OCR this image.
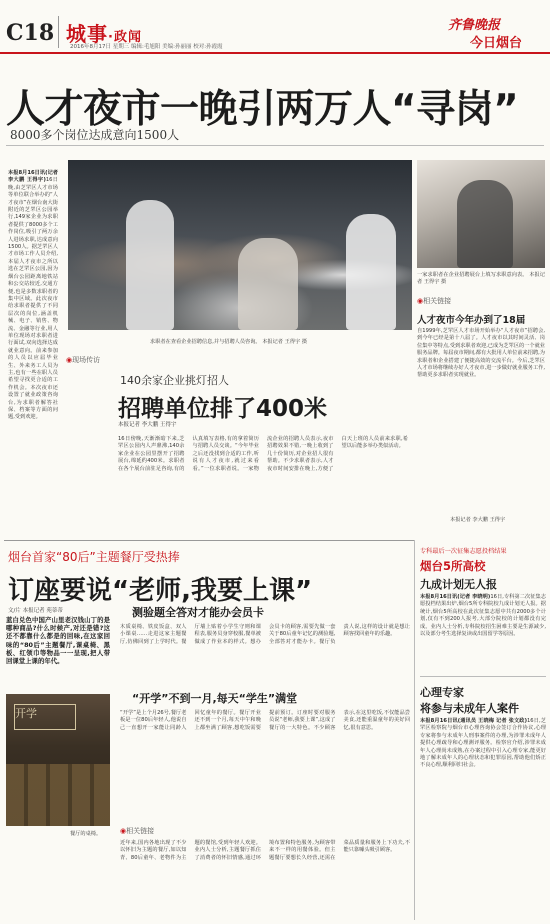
C18 城事·政闻
2016年8月17日 星期三 编辑:毛旭阳 美编:孙丽丽 校对:孙霞霞
齐鲁晚报
今日烟台
人才夜市一晚引两万人“寻岗”
8000多个岗位达成意向1500人
本报8月16日讯(记者 李大鹏 王得宇)16日晚,由芝罘区人才市场等单位联合举办的“人才夜市”在烟台南大街附近的芝罘区公园举行,149家企业为求职者提供了8000多个工作岗位,吸引了两万余人进场求职,达成意向1500人。据芝罘区人才市场工作人员介绍,本届人才夜市之所以选在芝罘区公园,因为烟台公园距离地铁站和公交站较近,交通方便,也是多数求职者的集中区域。此次夜市给求职者提供了不同层次的岗位,涵盖机械、电子、销售、物流、金融等行业,用人单位现场对求职者进行面试,双向选择达成就业意向。前来参加的人员以应届毕业生、外来务工人员为主,也有一些在职人员希望寻找更合适的工作机会。本次夜市还设置了就业政策咨询台,为求职者解答社保、档案等方面的问题,受到欢迎。
求职者在查看企业招聘信息,并与招聘人员咨询。 本报记者 王得宇 摄
一家求职者在企业招聘展台上填写求职意向表。 本报记者 王得宇 摄
◉相关链接
人才夜市今年办到了18届
自1999年,芝罘区人才市场开始举办“人才夜市”招聘会,到今年已经是第十八届了。人才夜市以其时间灵活、岗位集中等特点,受到求职者欢迎,已成为芝罘区的一个就业服务品牌。每届夜市期间,都有大批用人单位前来招聘,为求职者和企业搭建了便捷高效的交流平台。今后,芝罘区人才市场将继续办好人才夜市,进一步做好就业服务工作,帮助更多求职者实现就业。
本报记者 李大鹏 王得宇
◉现场传访
140余家企业挑灯招人
招聘单位排了400米
本报记者 李大鹏 王得宇
16日傍晚,天渐渐暗下来,芝罘区公园内人声鼎沸,140余家企业在公园里摆开了招聘展台,绵延约400米。求职者在各个展台前驻足咨询,有的认真填写表格,有的拿着简历与招聘人员交谈。“今年毕业之后还没找到合适的工作,听说有人才夜市,就过来看看。”一位求职者说。一家物流企业的招聘人员表示,夜市招聘效果不错,一晚上收到了几十份简历,对企业招人很有帮助。不少求职者表示,人才夜市时间安排在晚上,方便了白天上班的人员前来求职,希望以后能多举办类似活动。
烟台首家“80后”主题餐厅受热捧
订座要说“老师,我要上课”
文/片 本报记者 苑蒂蒂
蓝白兑色中国产山里老汉钱山丁的是哪种商品?什么时候产,对还是错?这还不都靠什么都是的回味,在这家回味的“80后”主题餐厅,课桌椅、黑板、红领巾等物品一一呈现,把人带回课堂上课的年代。
开学
餐厅的桌椅。
测验题全答对才能办会员卡
木质桌椅、铁皮饭盒、双人小课桌……走进这家主题餐厅,仿佛回到了上学时代。餐厅墙上贴着小学生守则和课程表,服务员身穿校服,餐单被做成了作业本的样式。想办会员卡的顾客,需要先做一套关于80后童年记忆的测验题,全部答对才能办卡。餐厅负责人说,这样的设计就是想让顾客找回童年的乐趣。
“开学”不到一月,每天“学生”满堂
“开学”是上个月26号,餐厅老板是一位80后年轻人,他说自己一直想开一家能让同龄人回忆童年的餐厅。餐厅开业还不到一个月,每天中午和晚上都坐满了顾客,想吃饭需要提前预订。订座时要对服务员说“老师,我要上课”,这成了餐厅的一大特色。不少顾客表示,在这里吃饭,不仅能品尝美食,还能重温童年的美好回忆,很有意思。
◉相关链接
近年来,国内各地出现了不少以怀旧为主题的餐厅,如以知青、80后童年、老物件为主题的餐馆,受到年轻人欢迎。业内人士分析,主题餐厅抓住了消费者的怀旧情感,通过环境布置和特色服务,为顾客带来不一样的用餐体验。但主题餐厅要想长久经营,还需在菜品质量和服务上下功夫,不能只靠噱头吸引顾客。
专科最后一次征集志愿投档结果
烟台5所高校
九成计划无人报
本报8月16日讯(记者 李晓明)16日,专科第二次征集志愿投档结果出炉,烟台5所专科院校九成计划无人报。据统计,烟台5所高校在此次征集志愿中共有2000多个计划,仅有不到200人报考,大部分院校的计划都没有完成。业内人士分析,专科院校招生困难主要是生源减少,以及部分考生选择复读或出国留学等原因。
心理专家
将参与未成年人案件
本报8月16日讯(通讯员 王晓梅 记者 张文政)16日,芝罘区检察院与烟台市心理咨询协会签订合作协议,心理专家将参与未成年人刑事案件的办理,为涉罪未成年人提供心理疏导和心理测评服务。检察官介绍,涉罪未成年人心理尚未成熟,在办案过程中引入心理专家,能更好地了解未成年人的心理状态和犯罪原因,帮助他们矫正不良心理,顺利回归社会。
